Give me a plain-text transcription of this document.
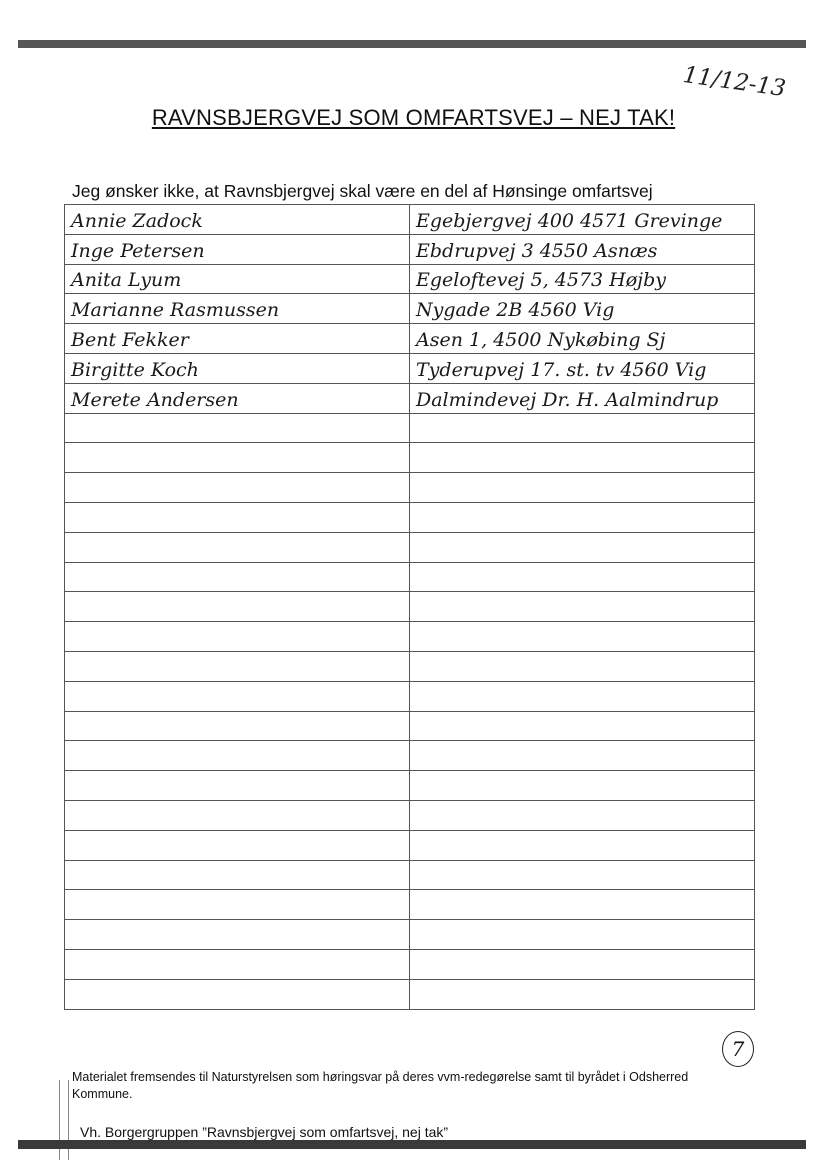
11/12-13
RAVNSBJERGVEJ SOM OMFARTSVEJ – NEJ TAK!
Jeg ønsker ikke, at Ravnsbjergvej skal være en del af Hønsinge omfartsvej
Annie Zadock	Egebjergvej 400 4571 Grevinge
Inge Petersen	Ebdrupvej 3 4550 Asnæs
Anita Lyum	Egeloftevej 5, 4573 Højby
Marianne Rasmussen	Nygade 2B 4560 Vig
Bent Fekker	Asen 1, 4500 Nykøbing Sj
Birgitte Koch	Tyderupvej 17. st. tv 4560 Vig
Merete Andersen	Dalmindevej Dr. H. Aalmindrup

7
Materialet fremsendes til Naturstyrelsen som høringsvar på deres vvm-redegørelse samt til byrådet i Odsherred Kommune.
Vh. Borgergruppen ”Ravnsbjergvej som omfartsvej, nej tak”
